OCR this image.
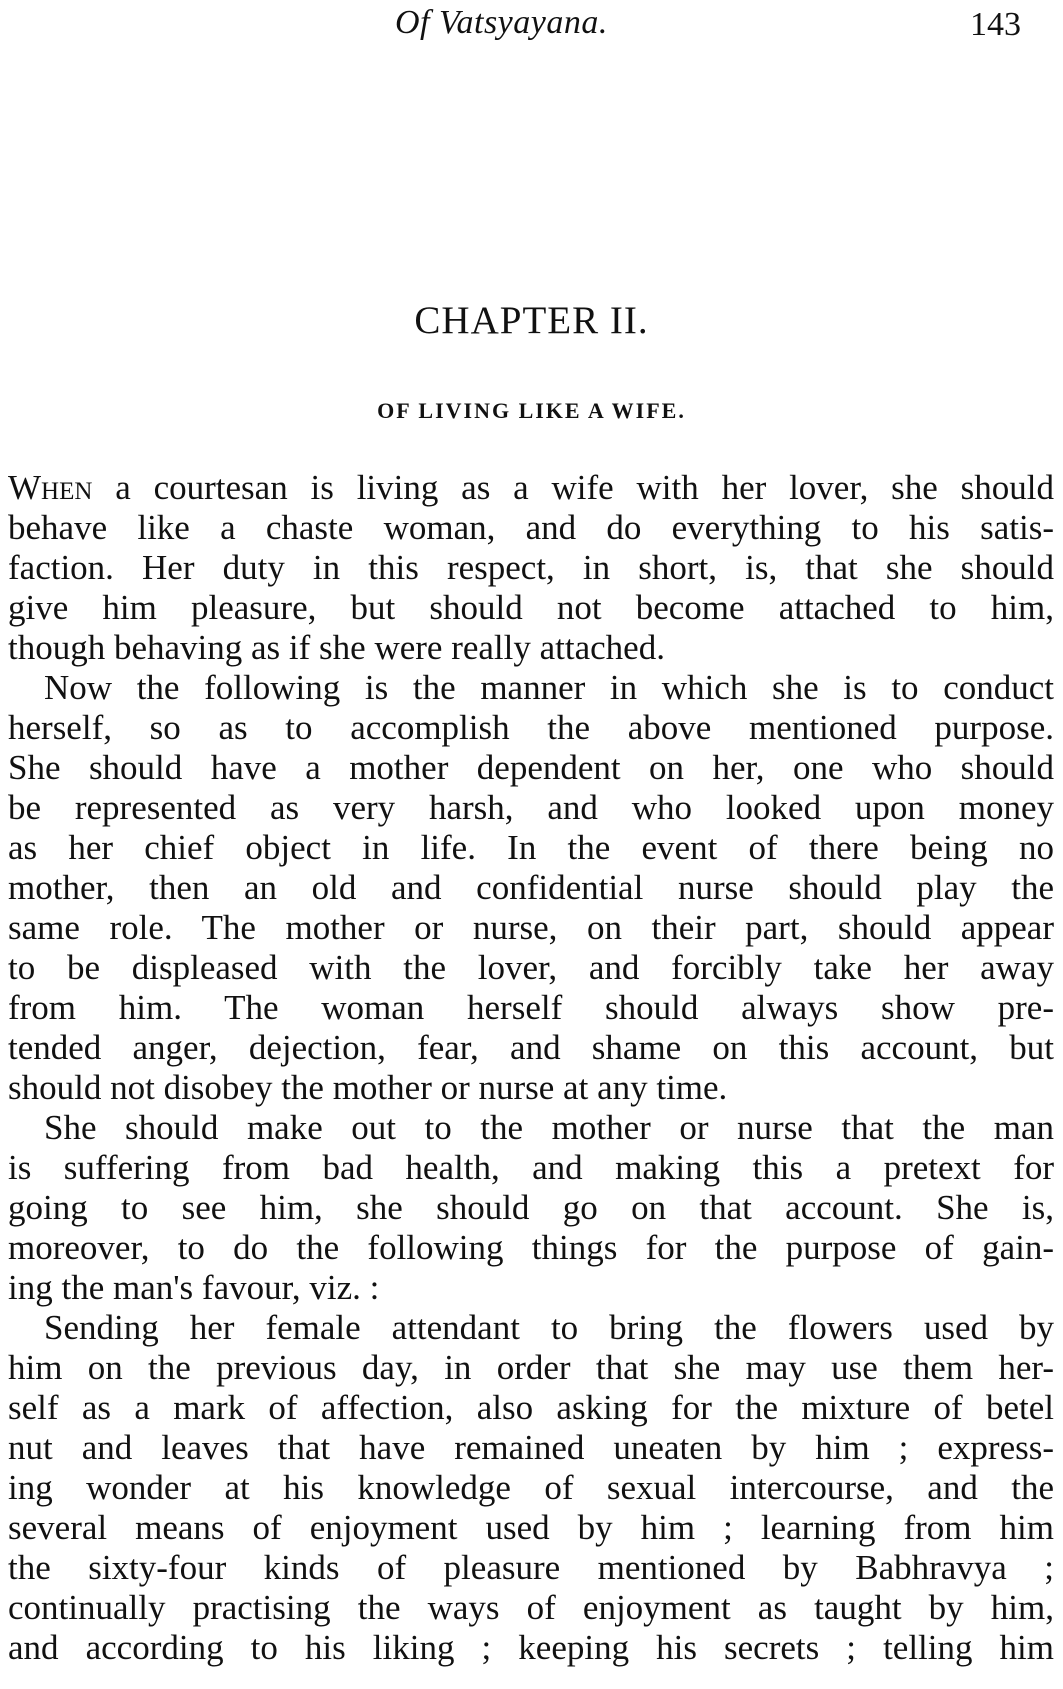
Of Vatsyayana.	143
CHAPTER II.
OF LIVING LIKE A WIFE.
When a courtesan is living as a wife with her lover, she should
behave like a chaste woman, and do everything to his satis-
faction. Her duty in this respect, in short, is, that she should
give him pleasure, but should not become attached to him,
though behaving as if she were really attached.
Now the following is the manner in which she is to conduct
herself, so as to accomplish the above mentioned purpose.
She should have a mother dependent on her, one who should
be represented as very harsh, and who looked upon money
as her chief object in life. In the event of there being no
mother, then an old and confidential nurse should play the
same role. The mother or nurse, on their part, should appear
to be displeased with the lover, and forcibly take her away
from him. The woman herself should always show pre-
tended anger, dejection, fear, and shame on this account, but
should not disobey the mother or nurse at any time.
She should make out to the mother or nurse that the man
is suffering from bad health, and making this a pretext for
going to see him, she should go on that account. She is,
moreover, to do the following things for the purpose of gain-
ing the man's favour, viz. :
Sending her female attendant to bring the flowers used by
him on the previous day, in order that she may use them her-
self as a mark of affection, also asking for the mixture of betel
nut and leaves that have remained uneaten by him ; express-
ing wonder at his knowledge of sexual intercourse, and the
several means of enjoyment used by him ; learning from him
the sixty-four kinds of pleasure mentioned by Babhravya ;
continually practising the ways of enjoyment as taught by him,
and according to his liking ; keeping his secrets ; telling him
